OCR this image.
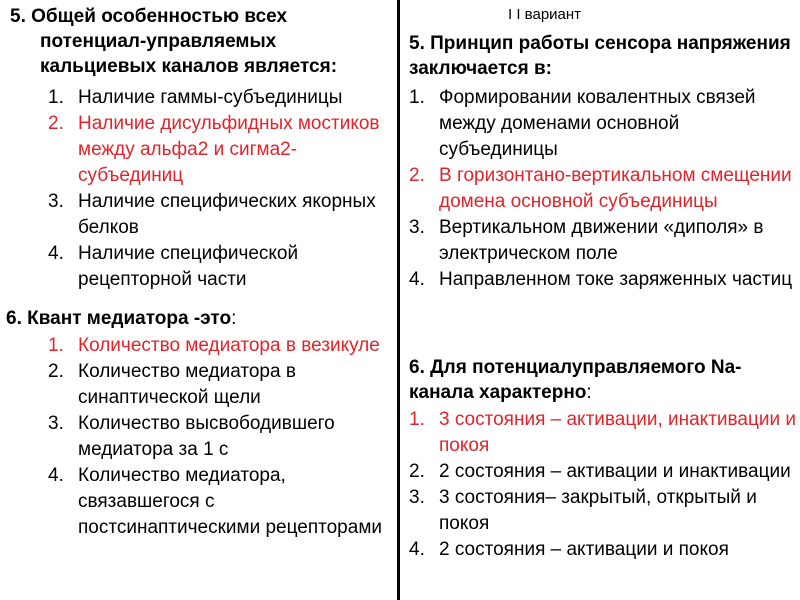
I I вариант

5. Общей особенностью всех потенциал-управляемых кальциевых каналов является:

1. Наличие гаммы-субъединицы
2. Наличие дисульфидных мостиков между альфа2 и сигма2-субъединиц
3. Наличие специфических якорных белков
4. Наличие специфической рецепторной части

6. Квант медиатора -это:

1. Количество медиатора в везикуле
2. Количество медиатора в синаптической щели
3. Количество высвободившего медиатора за 1 с
4. Количество медиатора, связавшегося с постсинаптическими рецепторами

5. Принцип работы сенсора напряжения заключается в:

1. Формировании ковалентных связей между доменами основной субъединицы
2. В горизонтано-вертикальном смещении домена основной субъединицы
3. Вертикальном движении «диполя» в электрическом поле
4. Направленном токе заряженных частиц

6. Для потенциалуправляемого Na-канала характерно:

1. 3 состояния – активации, инактивации и покоя
2. 2 состояния – активации и инактивации
3. 3 состояния– закрытый, открытый и покоя
4. 2 состояния – активации и покоя
